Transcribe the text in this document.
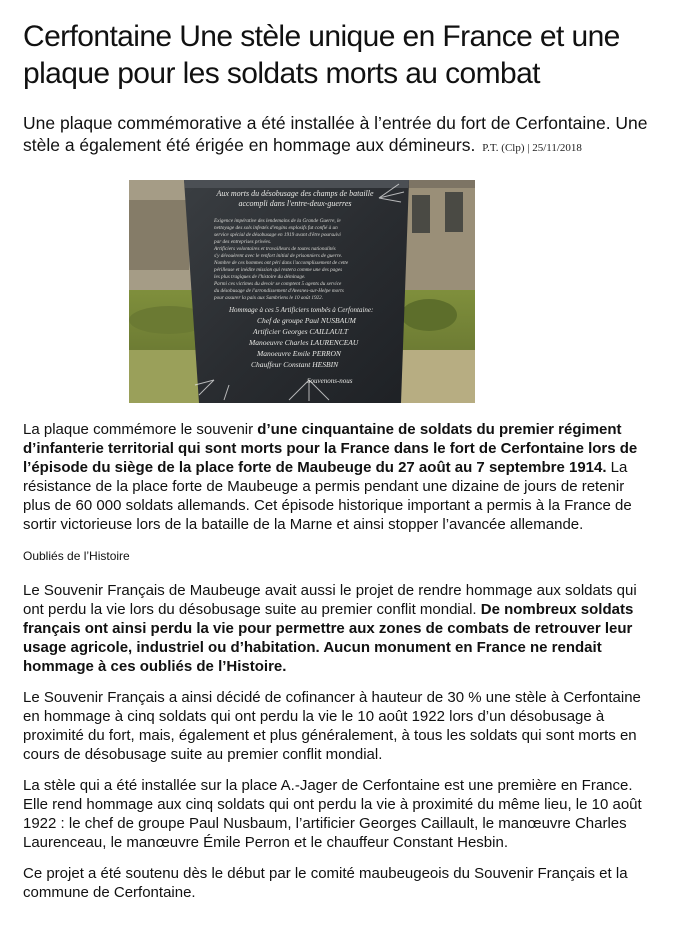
Cerfontaine Une stèle unique en France et une plaque pour les soldats morts au combat
Une plaque commémorative a été installée à l’entrée du fort de Cerfontaine. Une stèle a également été érigée en hommage aux démineurs. P.T. (Clp) | 25/11/2018
Aux morts du désobusage des champs de bataille
accompli dans l'entre-deux-guerres
Exigence impérative des lendemains de la Grande Guerre, le
nettoyage des sols infestés d'engins explosifs fut confié à un
service spécial de désobusage en 1919 avant d'être poursuivi
par des entreprises privées.
Artificiers volontaires et travailleurs de toutes nationalités
s'y dévouèrent avec le renfort initial de prisonniers de guerre.
Nombre de ces hommes ont péri dans l'accomplissement de cette
périlleuse et inédite mission qui restera comme une des pages
les plus tragiques de l'histoire du déminage.
Parmi ces victimes du devoir se comptent 5 agents du service
du désobusage de l'arrondissement d'Avesnes-sur-Helpe morts
pour assurer la paix aux Sambriens le 10 août 1922.
Hommage à ces 5 Artificiers tombés à Cerfontaine:
Chef de groupe Paul NUSBAUM
Artificier Georges CAILLAULT
Manoeuvre Charles LAURENCEAU
Manoeuvre Emile PERRON
Chauffeur Constant HESBIN
Souvenons-nous

La plaque commémore le souvenir d’une cinquantaine de soldats du premier régiment d’infanterie territorial qui sont morts pour la France dans le fort de Cerfontaine lors de l’épisode du siège de la place forte de Maubeuge du 27 août au 7 septembre 1914. La résistance de la place forte de Maubeuge a permis pendant une dizaine de jours de retenir plus de 60 000 soldats allemands. Cet épisode historique important a permis à la France de sortir victorieuse lors de la bataille de la Marne et ainsi stopper l’avancée allemande.

Oubliés de l’Histoire

Le Souvenir Français de Maubeuge avait aussi le projet de rendre hommage aux soldats qui ont perdu la vie lors du désobusage suite au premier conflit mondial. De nombreux soldats français ont ainsi perdu la vie pour permettre aux zones de combats de retrouver leur usage agricole, industriel ou d’habitation. Aucun monument en France ne rendait hommage à ces oubliés de l’Histoire.

Le Souvenir Français a ainsi décidé de cofinancer à hauteur de 30 % une stèle à Cerfontaine en hommage à cinq soldats qui ont perdu la vie le 10 août 1922 lors d’un désobusage à proximité du fort, mais, également et plus généralement, à tous les soldats qui sont morts en cours de désobusage suite au premier conflit mondial.

La stèle qui a été installée sur la place A.-Jager de Cerfontaine est une première en France. Elle rend hommage aux cinq soldats qui ont perdu la vie à proximité du même lieu, le 10 août 1922 : le chef de groupe Paul Nusbaum, l’artificier Georges Caillault, le manœuvre Charles Laurenceau, le manœuvre Émile Perron et le chauffeur Constant Hesbin.

Ce projet a été soutenu dès le début par le comité maubeugeois du Souvenir Français et la commune de Cerfontaine.
